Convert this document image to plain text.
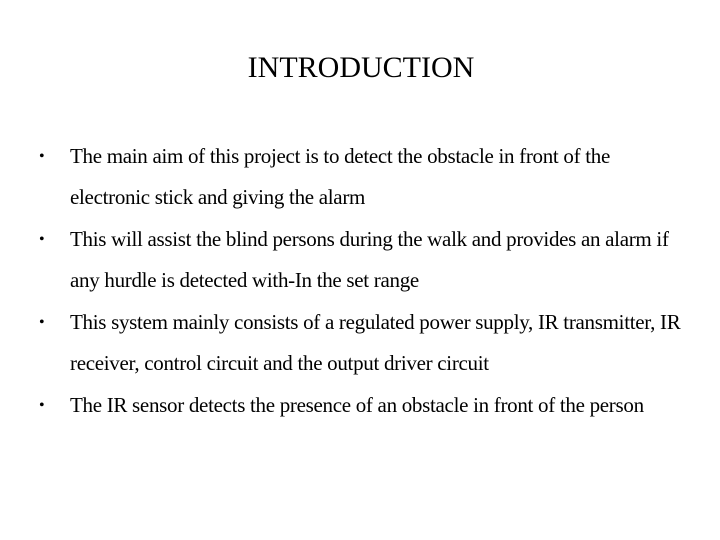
INTRODUCTION
• The main aim of this project is to detect the obstacle in front of the electronic stick and giving the alarm
• This will assist the blind persons during the walk and provides an alarm if any hurdle is detected with-In the set range
• This system mainly consists of a regulated power supply, IR transmitter, IR receiver, control circuit and the output driver circuit
• The IR sensor detects the presence of an obstacle in front of the person
